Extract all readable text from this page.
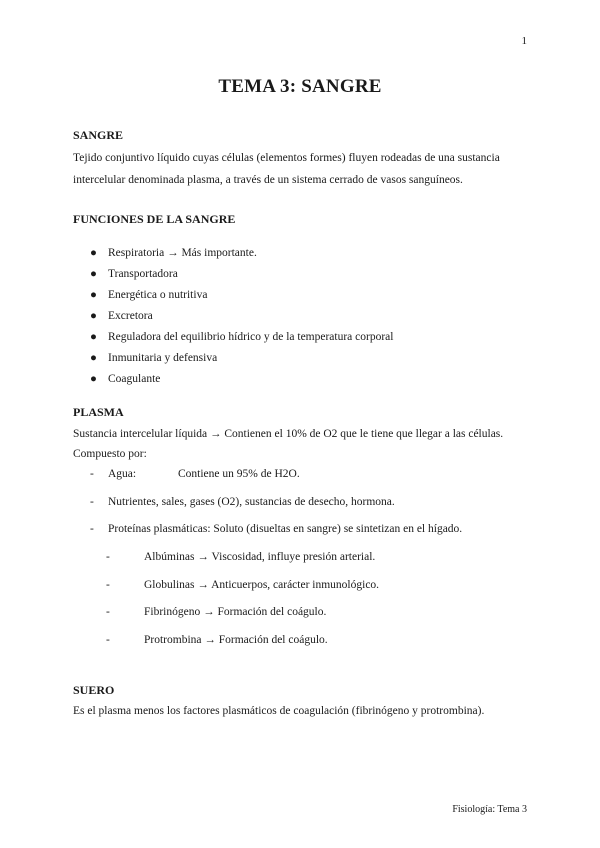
1
TEMA 3: SANGRE
SANGRE
Tejido conjuntivo líquido cuyas células (elementos formes) fluyen rodeadas de una sustancia
intercelular denominada plasma, a través de un sistema cerrado de vasos sanguíneos.
FUNCIONES DE LA SANGRE
● Respiratoria → Más importante.
● Transportadora
● Energética o nutritiva
● Excretora
● Reguladora del equilibrio hídrico y de la temperatura corporal
● Inmunitaria y defensiva
● Coagulante
PLASMA
Sustancia intercelular líquida → Contienen el 10% de O2 que le tiene que llegar a las células.
Compuesto por:
- Agua:	Contiene un 95% de H2O.
- Nutrientes, sales, gases (O2), sustancias de desecho, hormona.
- Proteínas plasmáticas: Soluto (disueltas en sangre) se sintetizan en el hígado.
-	Albúminas → Viscosidad, influye presión arterial.
-	Globulinas → Anticuerpos, carácter inmunológico.
-	Fibrinógeno → Formación del coágulo.
-	Protrombina → Formación del coágulo.
SUERO
Es el plasma menos los factores plasmáticos de coagulación (fibrinógeno y protrombina).
Fisiología: Tema 3
